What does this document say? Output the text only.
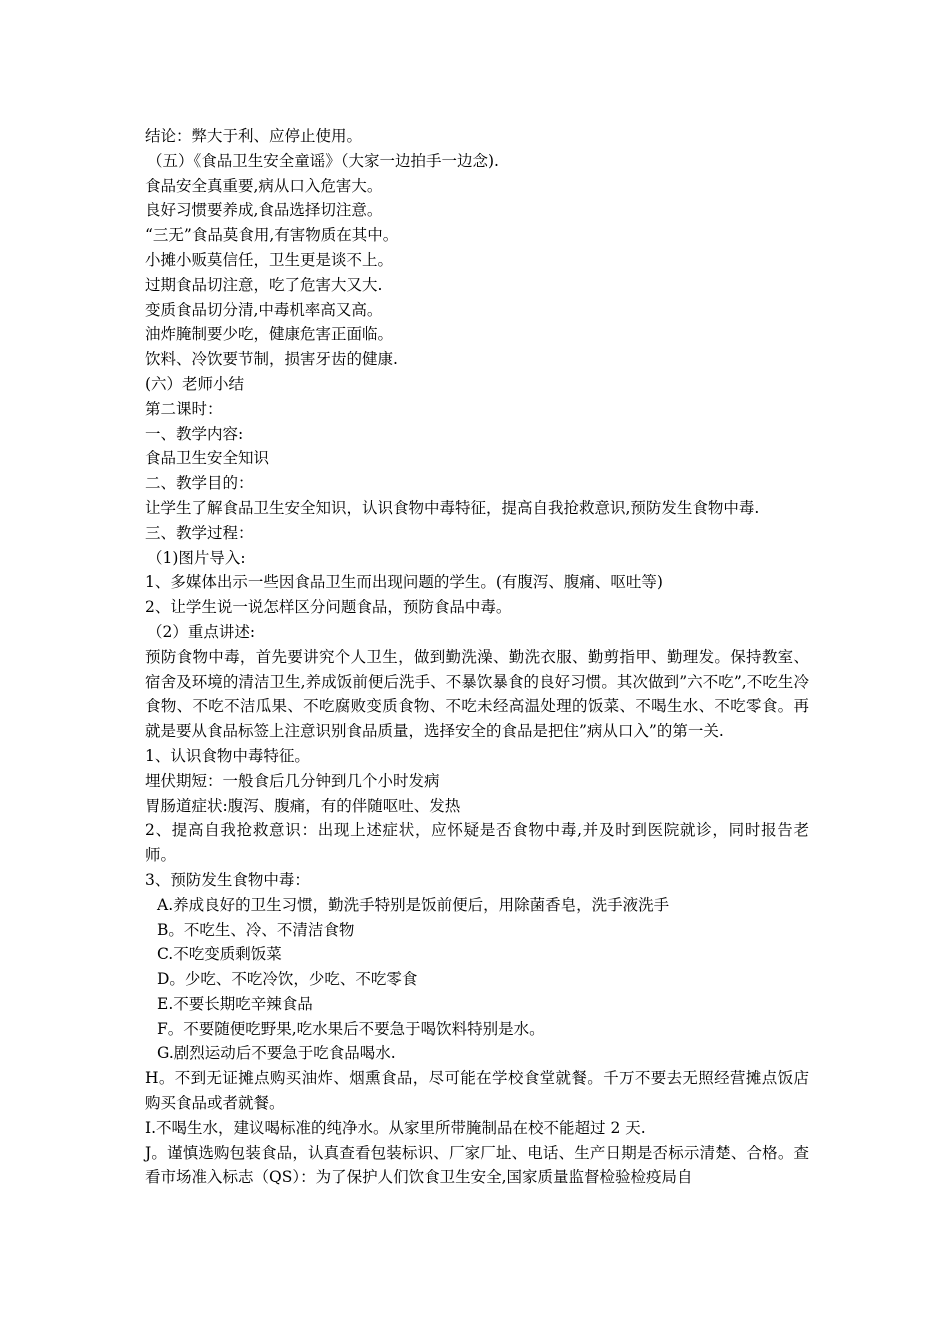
结论：弊大于利、应停止使用。
（五）《食品卫生安全童谣》（大家一边拍手一边念).
食品安全真重要,病从口入危害大。
良好习惯要养成,食品选择切注意。
“三无”食品莫食用,有害物质在其中。
小摊小贩莫信任，卫生更是谈不上。
过期食品切注意，吃了危害大又大.
变质食品切分清,中毒机率高又高。
油炸腌制要少吃，健康危害正面临。
饮料、冷饮要节制，损害牙齿的健康.
(六）老师小结
第二课时：
一、教学内容:
食品卫生安全知识
二、教学目的：
让学生了解食品卫生安全知识，认识食物中毒特征，提高自我抢救意识,预防发生食物中毒.
三、教学过程：
（1)图片导入:
1、多媒体出示一些因食品卫生而出现问题的学生。(有腹泻、腹痛、呕吐等)
2、让学生说一说怎样区分问题食品，预防食品中毒。
（2）重点讲述:
预防食物中毒，首先要讲究个人卫生，做到勤洗澡、勤洗衣服、勤剪指甲、勤理发。保持教室、宿舍及环境的清洁卫生,养成饭前便后洗手、不暴饮暴食的良好习惯。其次做到”六不吃”,不吃生冷食物、不吃不洁瓜果、不吃腐败变质食物、不吃未经高温处理的饭菜、不喝生水、不吃零食。再就是要从食品标签上注意识别食品质量，选择安全的食品是把住”病从口入”的第一关.
1、认识食物中毒特征。
埋伏期短：一般食后几分钟到几个小时发病
胃肠道症状:腹泻、腹痛，有的伴随呕吐、发热
2、提高自我抢救意识：出现上述症状，应怀疑是否食物中毒,并及时到医院就诊，同时报告老师。
3、预防发生食物中毒：
A.养成良好的卫生习惯，勤洗手特别是饭前便后，用除菌香皂，洗手液洗手
B。不吃生、冷、不清洁食物
C.不吃变质剩饭菜
D。少吃、不吃冷饮，少吃、不吃零食
E.不要长期吃辛辣食品
F。不要随便吃野果,吃水果后不要急于喝饮料特别是水。
G.剧烈运动后不要急于吃食品喝水.
H。不到无证摊点购买油炸、烟熏食品，尽可能在学校食堂就餐。千万不要去无照经营摊点饭店购买食品或者就餐。
I.不喝生水，建议喝标准的纯净水。从家里所带腌制品在校不能超过 2 天.
J。谨慎选购包装食品，认真查看包装标识、厂家厂址、电话、生产日期是否标示清楚、合格。查看市场准入标志（QS）：为了保护人们饮食卫生安全,国家质量监督检验检疫局自
